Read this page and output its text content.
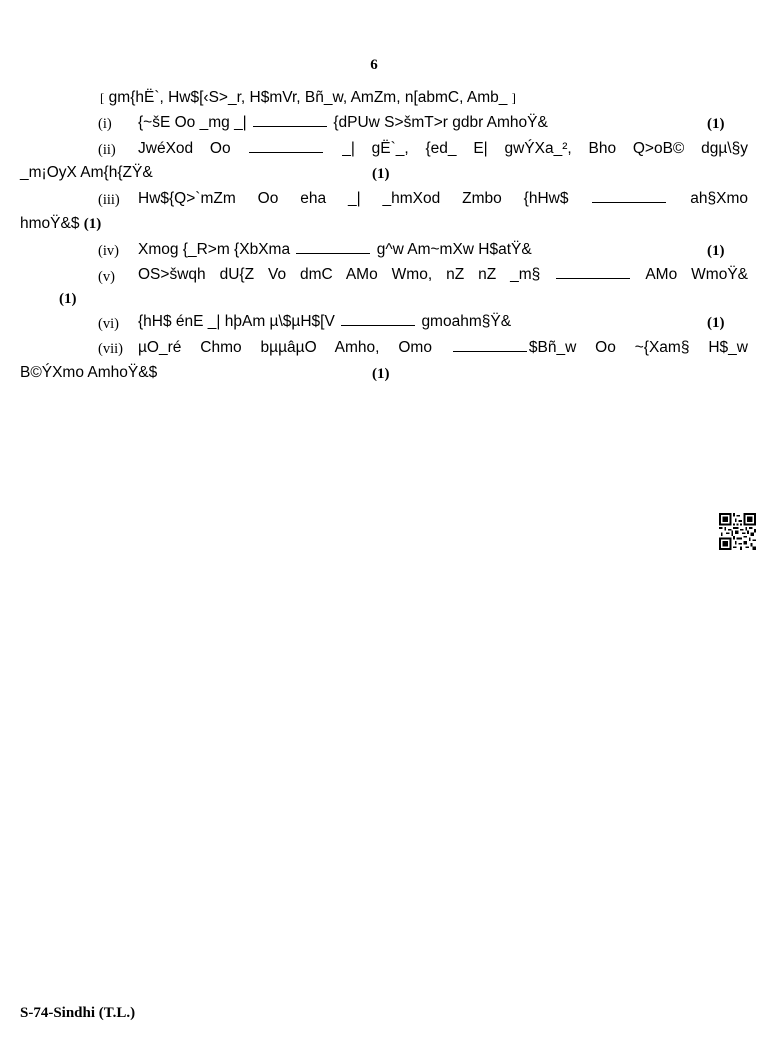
6
[ gm{hË`, Hw$[‹S>_r, H$mVr, Bñ_w, AmZm, n[abmC, Amb_ ]
(i) {~šE Oo _mg _|	{dPUw S>šmT>r gdbr AmhoŸ&	(1)
(ii) JwéXod Oo	_| gË`_, {ed_ E| gwÝXa_², Bho Q>oB© dgµ\§y
_m¡OyX Am{h{ZŸ&	(1)
(iii) Hw${Q>`mZm Oo eha _| _hmXod Zmbo {hHw$	ah§Xmo
hmoŸ&$ (1)
(iv) Xmog {_R>m {XbXma	g^w Am~mXw H$atŸ&	(1)
(v) OS>šwqh dU{Z Vo dmC AMo Wmo, nZ nZ _m§	AMo WmoŸ&
(1)
(vi) {hH$ énE _| hþAm µ\$µH$[V	gmoahm§Ÿ&	(1)
(vii) µO_ré Chmo bµµâµO Amho, Omo	$Bñ_w Oo ~{Xam§ H$_w
B©ÝXmo AmhoŸ&$	(1)
S-74-Sindhi (T.L.)
